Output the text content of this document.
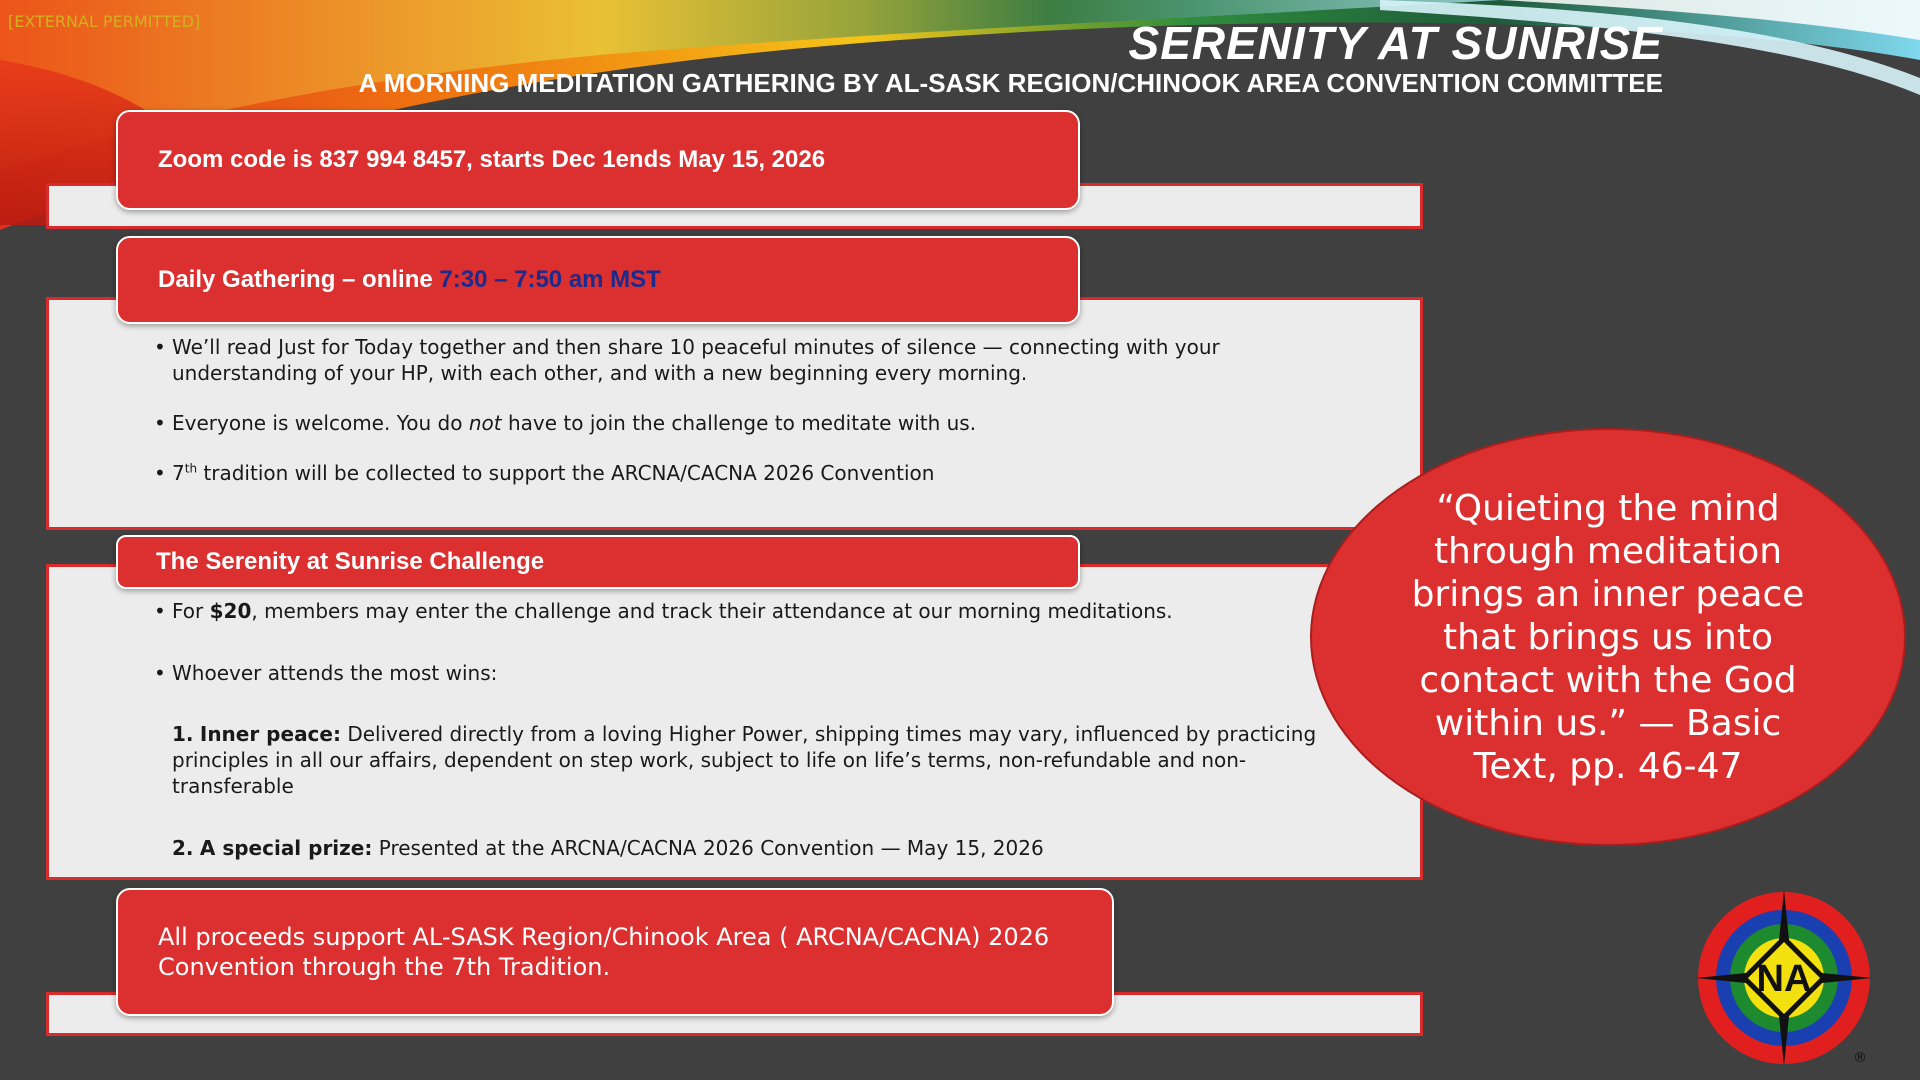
[EXTERNAL PERMITTED]	SERENITY AT SUNRISE
A MORNING MEDITATION GATHERING BY AL-SASK REGION/CHINOOK AREA CONVENTION COMMITTEE
Zoom code is 837 994 8457, starts Dec 1ends May 15, 2026
Daily Gathering – online 7:30 – 7:50 am MST
• We’ll read Just for Today together and then share 10 peaceful minutes of silence — connecting with your understanding of your HP, with each other, and with a new beginning every morning.
• Everyone is welcome. You do not have to join the challenge to meditate with us.
• 7th tradition will be collected to support the ARCNA/CACNA 2026 Convention
The Serenity at Sunrise Challenge
• For $20, members may enter the challenge and track their attendance at our morning meditations.
• Whoever attends the most wins:
1. Inner peace: Delivered directly from a loving Higher Power, shipping times may vary, influenced by practicing principles in all our affairs, dependent on step work, subject to life on life’s terms, non-refundable and non-transferable
2. A special prize: Presented at the ARCNA/CACNA 2026 Convention — May 15, 2026
All proceeds support AL-SASK Region/Chinook Area ( ARCNA/CACNA) 2026 Convention through the 7th Tradition.
“Quieting the mind through meditation brings an inner peace that brings us into contact with the God within us.” — Basic Text, pp. 46-47
NA
®
